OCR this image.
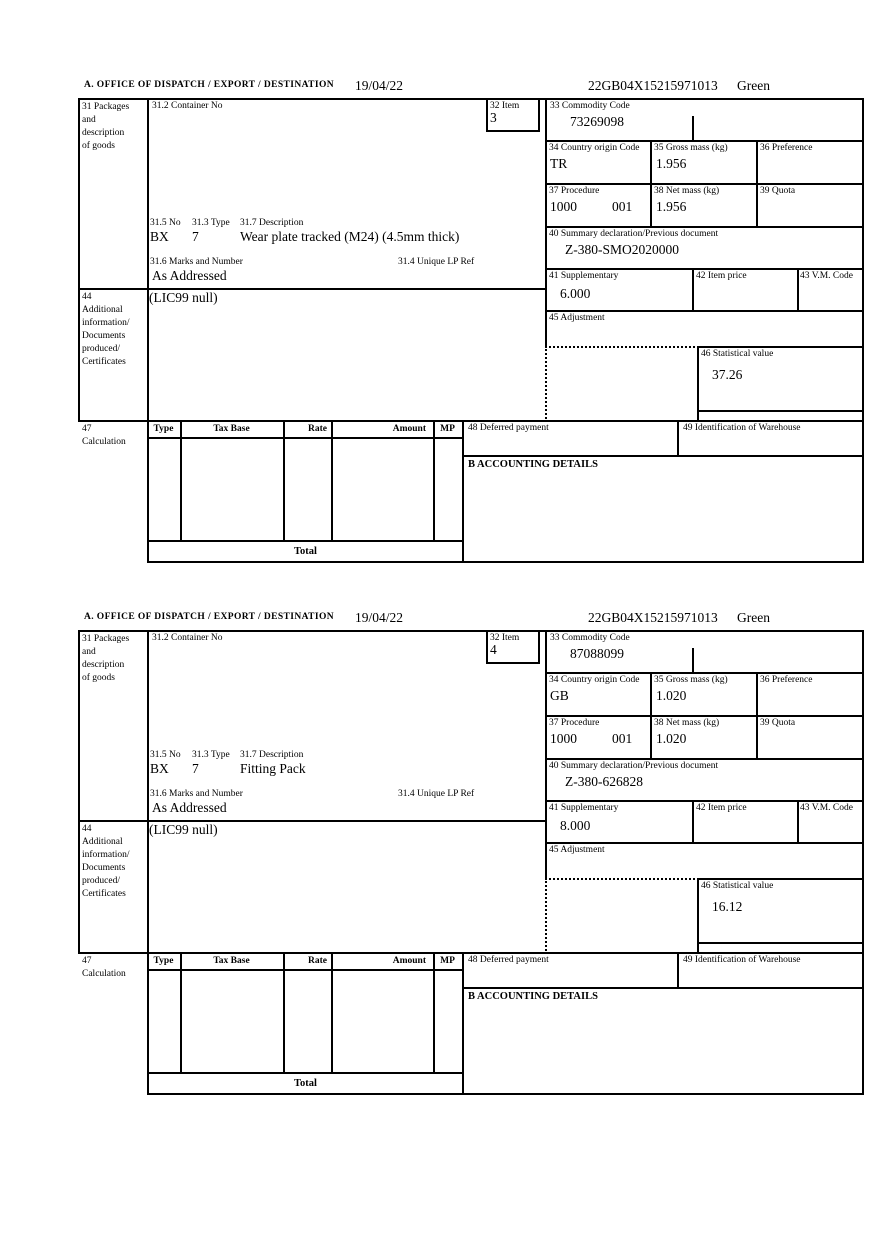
A. OFFICE OF DISPATCH / EXPORT / DESTINATION 19/04/22	22GB04X15215971013 Green
31 Packages
and
description
of goods
31.2 Container No	32 Item
3
33 Commodity Code
73269098
34 Country origin Code
TR
35 Gross mass (kg)
1.956
36 Preference
37 Procedure
1000	001
38 Net mass (kg)
1.956
39 Quota
31.5 No 31.3 Type 31.7 Description
BX 7	Wear plate tracked (M24) (4.5mm thick)
31.6 Marks and Number	31.4 Unique LP Ref
As Addressed
40 Summary declaration/Previous document
Z-380-SMO2020000
41 Supplementary
6.000
42 Item price	43 V.M. Code
44
Additional
information/
Documents
produced/
Certificates
(LIC99 null)
45 Adjustment
46 Statistical value
37.26
47
Calculation
Type	Tax Base	Rate	Amount	MP
Total
48 Deferred payment	49 Identification of Warehouse
B ACCOUNTING DETAILS
A. OFFICE OF DISPATCH / EXPORT / DESTINATION 19/04/22	22GB04X15215971013 Green
31 Packages
and
description
of goods
31.2 Container No	32 Item
4
33 Commodity Code
87088099
34 Country origin Code
GB
35 Gross mass (kg)
1.020
36 Preference
37 Procedure
1000	001
38 Net mass (kg)
1.020
39 Quota
31.5 No 31.3 Type 31.7 Description
BX 7	Fitting Pack
31.6 Marks and Number	31.4 Unique LP Ref
As Addressed
40 Summary declaration/Previous document
Z-380-626828
41 Supplementary
8.000
42 Item price	43 V.M. Code
44
Additional
information/
Documents
produced/
Certificates
(LIC99 null)
45 Adjustment
46 Statistical value
16.12
47
Calculation
Type	Tax Base	Rate	Amount	MP
Total
48 Deferred payment	49 Identification of Warehouse
B ACCOUNTING DETAILS
